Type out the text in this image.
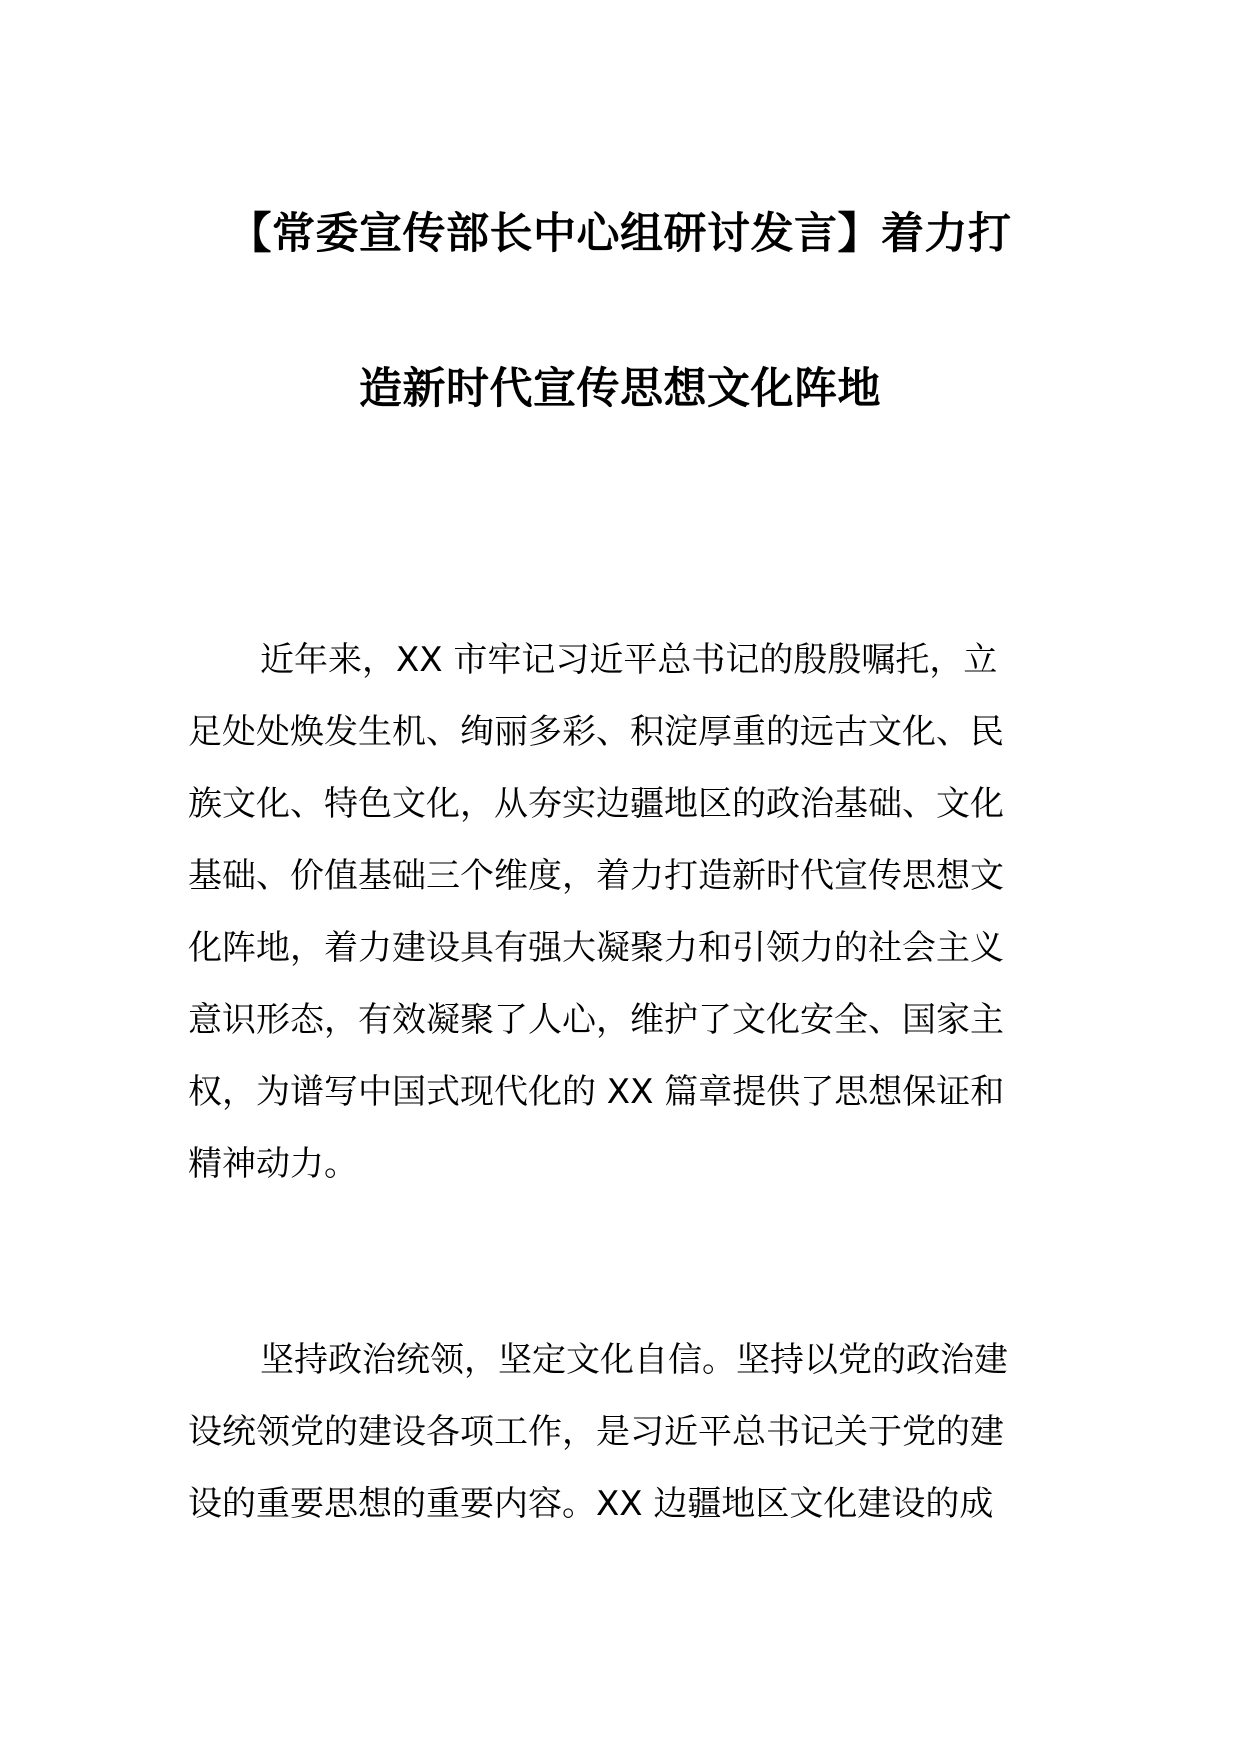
【常委宣传部长中心组研讨发言】着力打
造新时代宣传思想文化阵地
近年来，XX 市牢记习近平总书记的殷殷嘱托，立
足处处焕发生机、绚丽多彩、积淀厚重的远古文化、民
族文化、特色文化，从夯实边疆地区的政治基础、文化
基础、价值基础三个维度，着力打造新时代宣传思想文
化阵地，着力建设具有强大凝聚力和引领力的社会主义
意识形态，有效凝聚了人心，维护了文化安全、国家主
权，为谱写中国式现代化的 XX 篇章提供了思想保证和
精神动力。
坚持政治统领，坚定文化自信。坚持以党的政治建
设统领党的建设各项工作，是习近平总书记关于党的建
设的重要思想的重要内容。XX 边疆地区文化建设的成
